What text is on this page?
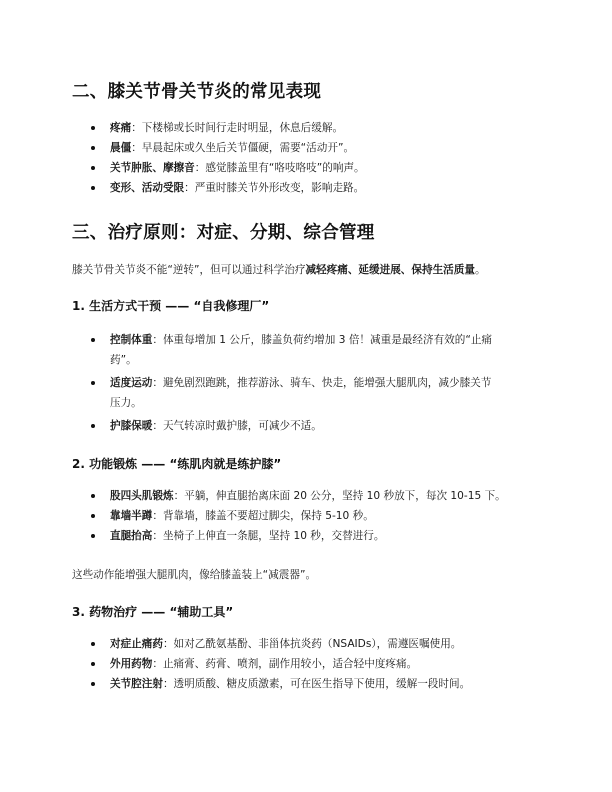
二、膝关节骨关节炎的常见表现
疼痛：下楼梯或长时间行走时明显，休息后缓解。
晨僵：早晨起床或久坐后关节僵硬，需要“活动开”。
关节肿胀、摩擦音：感觉膝盖里有“咯吱咯吱”的响声。
变形、活动受限：严重时膝关节外形改变，影响走路。
三、治疗原则：对症、分期、综合管理

膝关节骨关节炎不能“逆转”，但可以通过科学治疗减轻疼痛、延缓进展、保持生活质量。

1. 生活方式干预 —— “自我修理厂”
控制体重：体重每增加 1 公斤，膝盖负荷约增加 3 倍！减重是最经济有效的“止痛
药”。
适度运动：避免剧烈跑跳，推荐游泳、骑车、快走，能增强大腿肌肉，减少膝关节
压力。
护膝保暖：天气转凉时戴护膝，可减少不适。
2. 功能锻炼 —— “练肌肉就是练护膝”
股四头肌锻炼：平躺，伸直腿抬离床面 20 公分，坚持 10 秒放下，每次 10-15 下。
靠墙半蹲：背靠墙，膝盖不要超过脚尖，保持 5-10 秒。
直腿抬高：坐椅子上伸直一条腿，坚持 10 秒，交替进行。

这些动作能增强大腿肌肉，像给膝盖装上“减震器”。

3. 药物治疗 —— “辅助工具”
对症止痛药：如对乙酰氨基酚、非甾体抗炎药（NSAIDs），需遵医嘱使用。
外用药物：止痛膏、药膏、喷剂，副作用较小，适合轻中度疼痛。
关节腔注射：透明质酸、糖皮质激素，可在医生指导下使用，缓解一段时间。
